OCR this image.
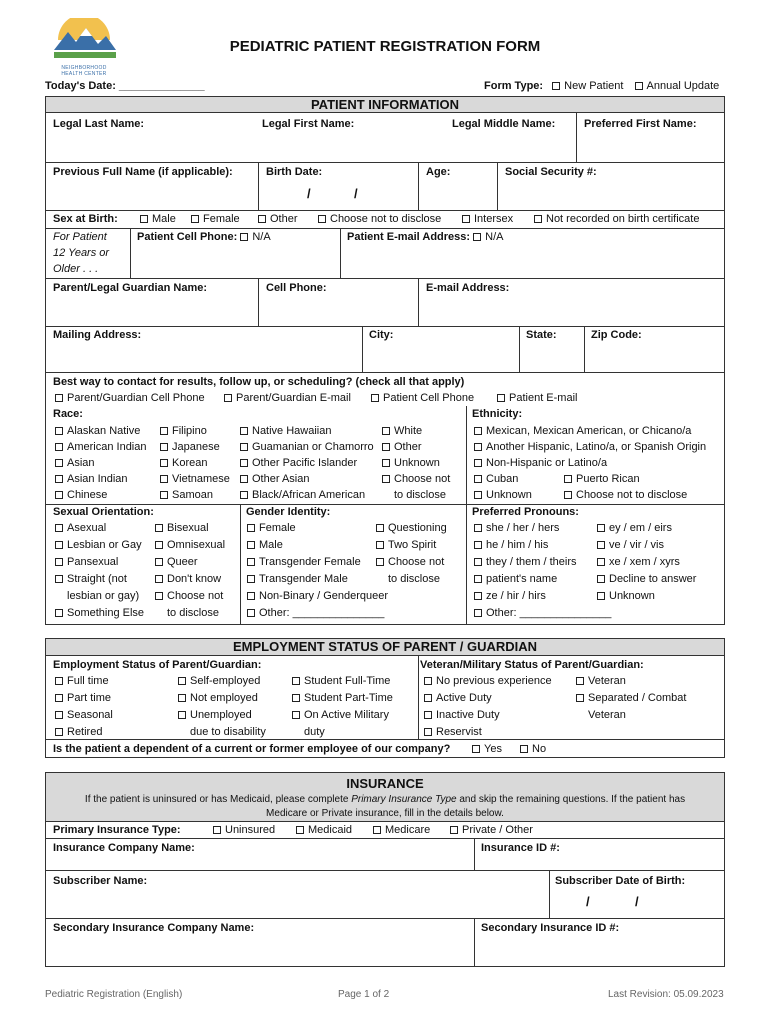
NEIGHBORHOOD HEALTH CENTER
PEDIATRIC PATIENT REGISTRATION FORM
Today's Date: ______________	Form Type: New Patient Annual Update
PATIENT INFORMATION
Legal Last Name:	Legal First Name:	Legal Middle Name:	Preferred First Name:
Previous Full Name (if applicable):	Birth Date:
/	/
Age:	Social Security #:
Sex at Birth:	Male	Female	Other	Choose not to disclose	Intersex	Not recorded on birth certificate
For Patient
12 Years or
Older . . .
Patient Cell Phone: N/A	Patient E-mail Address: N/A
Parent/Legal Guardian Name:	Cell Phone:	E-mail Address:
Mailing Address:	City:	State:	Zip Code:
Best way to contact for results, follow up, or scheduling? (check all that apply)
Parent/Guardian Cell Phone	Parent/Guardian E-mail	Patient Cell Phone	Patient E-mail
Race:
Alaskan Native
American Indian
Asian
Asian Indian
Chinese
Filipino
Japanese
Korean
Vietnamese
Samoan
Native Hawaiian
Guamanian or Chamorro
Other Pacific Islander
Other Asian
Black/African American
White
Other
Unknown
Choose not
to disclose
Ethnicity:
Mexican, Mexican American, or Chicano/a
Another Hispanic, Latino/a, or Spanish Origin
Non-Hispanic or Latino/a
Cuban	Puerto Rican
Unknown	Choose not to disclose
Sexual Orientation:
Asexual
Lesbian or Gay
Pansexual
Straight (not
lesbian or gay)
Something Else
Bisexual
Omnisexual
Queer
Don't know
Choose not
to disclose
Gender Identity:
Female
Male
Transgender Female
Transgender Male
Non-Binary / Genderqueer
Other: _______________
Questioning
Two Spirit
Choose not
to disclose
Preferred Pronouns:
she / her / hers
he / him / his
they / them / theirs
patient's name
ze / hir / hirs
Other: _______________
ey / em / eirs
ve / vir / vis
xe / xem / xyrs
Decline to answer
Unknown
EMPLOYMENT STATUS OF PARENT / GUARDIAN
Employment Status of Parent/Guardian:
Full time
Part time
Seasonal
Retired
Self-employed
Not employed
Unemployed
due to disability
Student Full-Time
Student Part-Time
On Active Military
duty
Veteran/Military Status of Parent/Guardian:
No previous experience
Active Duty
Inactive Duty
Reservist
Veteran
Separated / Combat
Veteran
Is the patient a dependent of a current or former employee of our company?	Yes	No
INSURANCE
If the patient is uninsured or has Medicaid, please complete Primary Insurance Type and skip the remaining questions. If the patient has
Medicare or Private insurance, fill in the details below.
Primary Insurance Type:	Uninsured	Medicaid	Medicare	Private / Other
Insurance Company Name:	Insurance ID #:
Subscriber Name:	Subscriber Date of Birth:
/	/
Secondary Insurance Company Name:	Secondary Insurance ID #:
Pediatric Registration (English)	Page 1 of 2	Last Revision: 05.09.2023
